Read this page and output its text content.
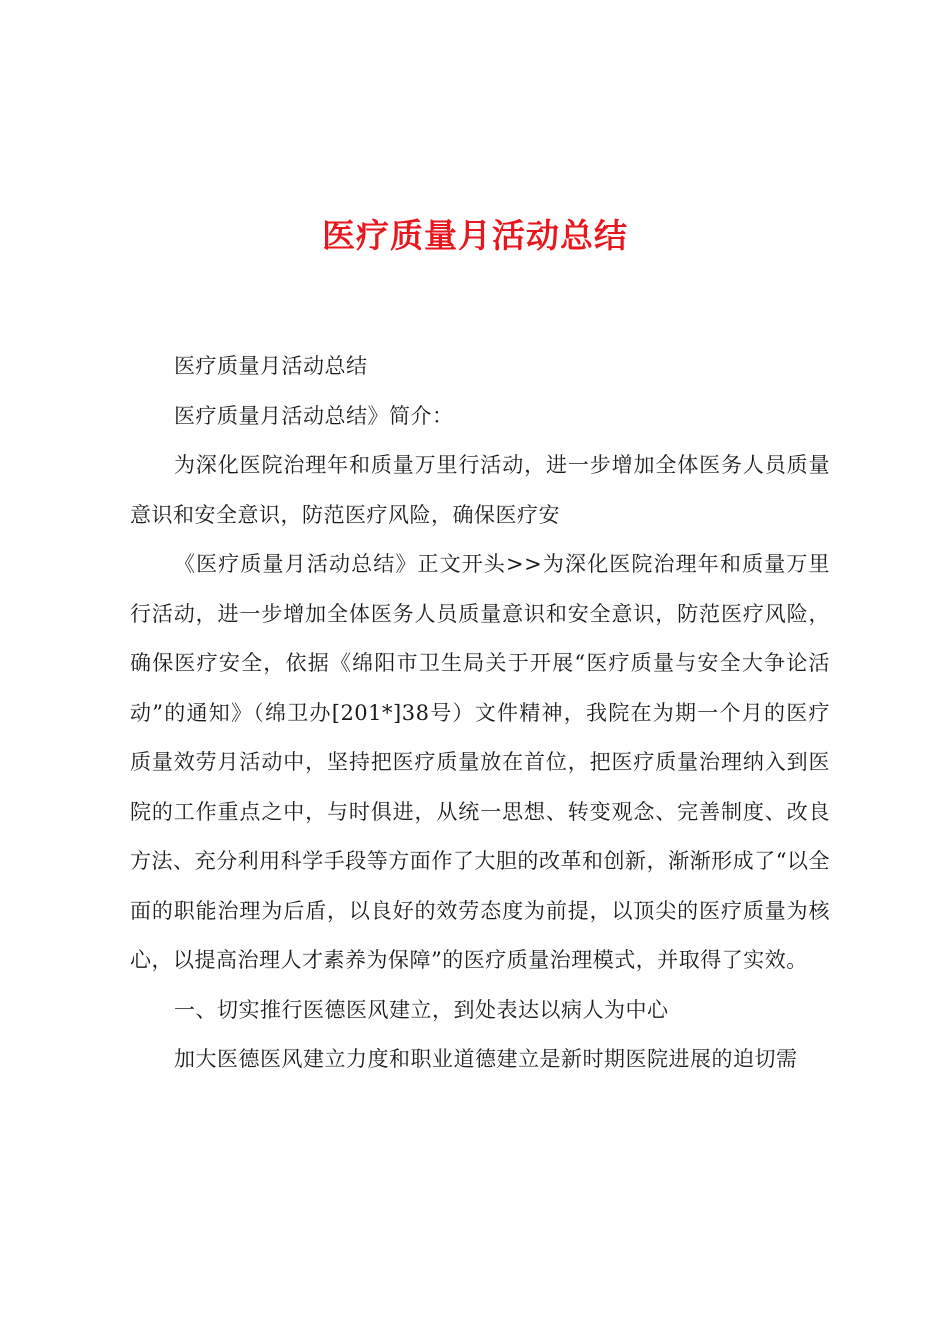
医疗质量月活动总结

医疗质量月活动总结

医疗质量月活动总结》简介：

为深化医院治理年和质量万里行活动，进一步增加全体医务人员质量意识和安全意识，防范医疗风险，确保医疗安

《医疗质量月活动总结》正文开头>>为深化医院治理年和质量万里行活动，进一步增加全体医务人员质量意识和安全意识，防范医疗风险，确保医疗安全，依据《绵阳市卫生局关于开展“医疗质量与安全大争论活动”的通知》（绵卫办[201*]38号）文件精神，我院在为期一个月的医疗质量效劳月活动中，坚持把医疗质量放在首位，把医疗质量治理纳入到医院的工作重点之中，与时俱进，从统一思想、转变观念、完善制度、改良方法、充分利用科学手段等方面作了大胆的改革和创新，渐渐形成了“以全面的职能治理为后盾，以良好的效劳态度为前提，以顶尖的医疗质量为核心，以提高治理人才素养为保障”的医疗质量治理模式，并取得了实效。

一、切实推行医德医风建立，到处表达以病人为中心

加大医德医风建立力度和职业道德建立是新时期医院进展的迫切需
